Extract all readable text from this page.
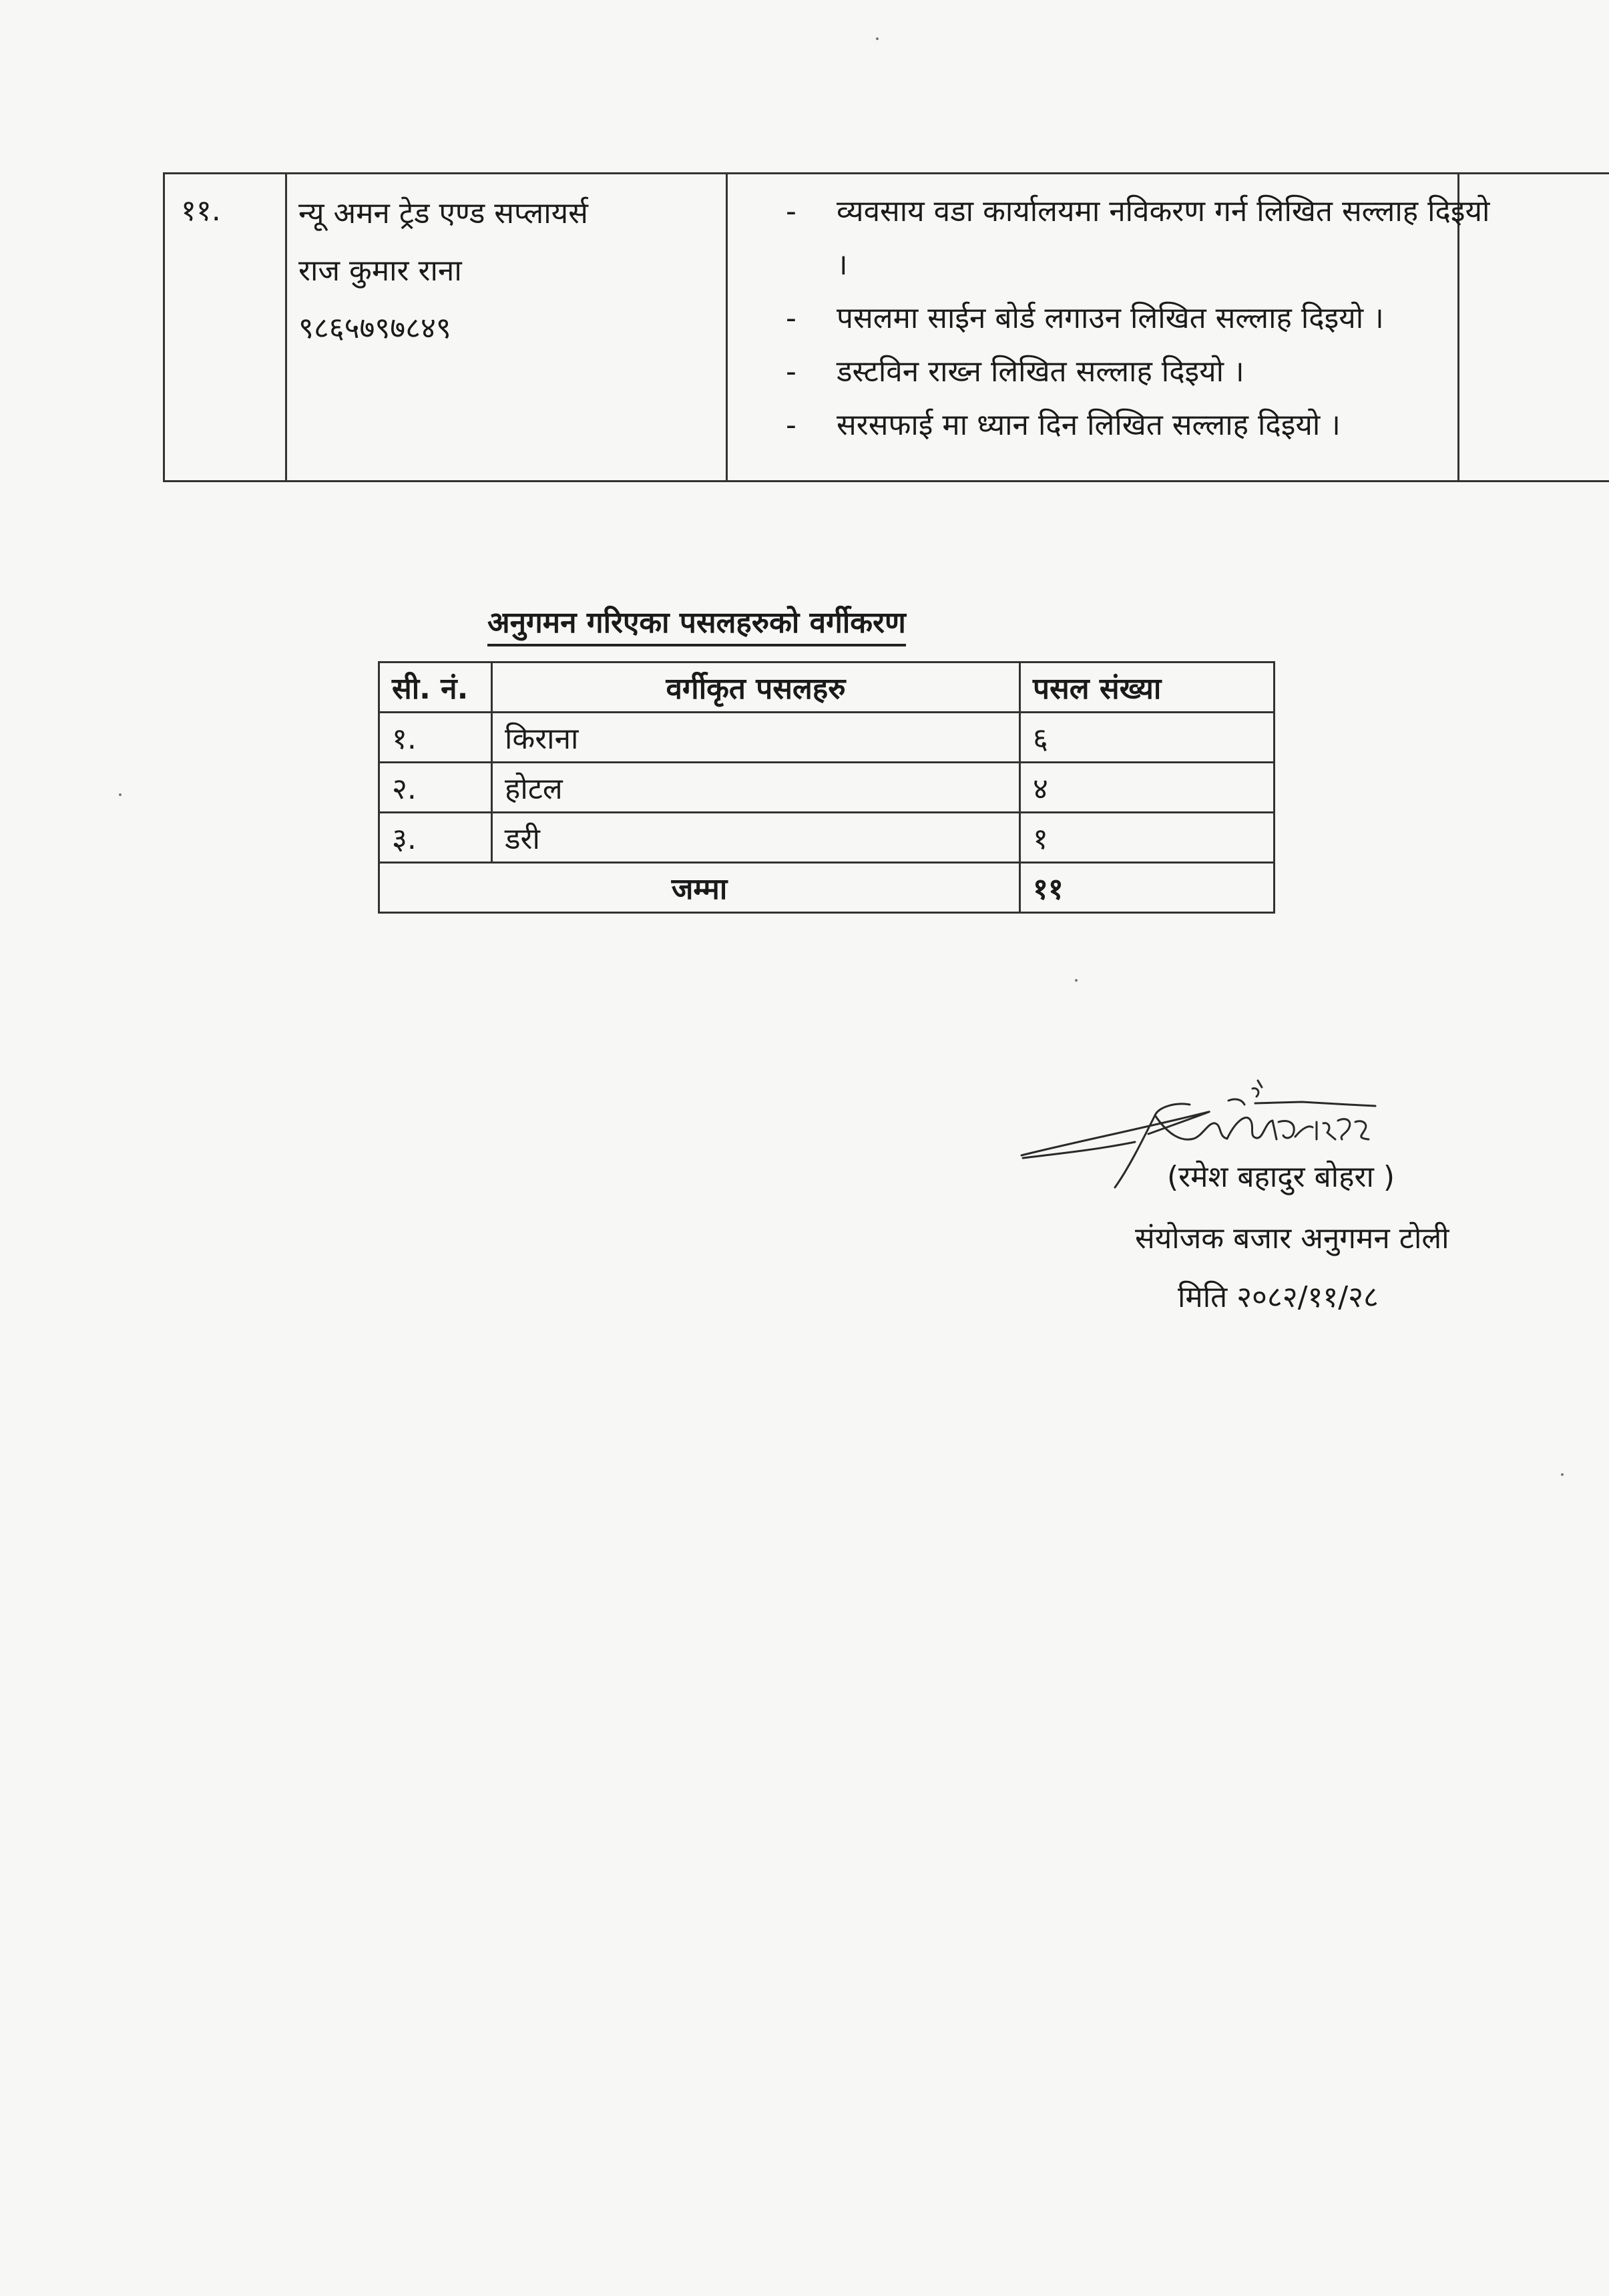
११.	न्यू अमन ट्रेड एण्ड सप्लायर्स
राज कुमार राना
९८६५७९७८४९
- व्यवसाय वडा कार्यालयमा नविकरण गर्न लिखित सल्लाह दिइयो ।
- पसलमा साईन बोर्ड लगाउन लिखित सल्लाह दिइयो ।
- डस्टविन राख्न लिखित सल्लाह दिइयो ।
- सरसफाई मा ध्यान दिन लिखित सल्लाह दिइयो ।
अनुगमन गरिएका पसलहरुको वर्गीकरण
सी. नं.	वर्गीकृत पसलहरु	पसल संख्या
१.	किराना	६
२.	होटल	४
३.	डरी	१
जम्मा		११
(रमेश बहादुर बोहरा )
संयोजक बजार अनुगमन टोली
मिति २०८२/११/२८
